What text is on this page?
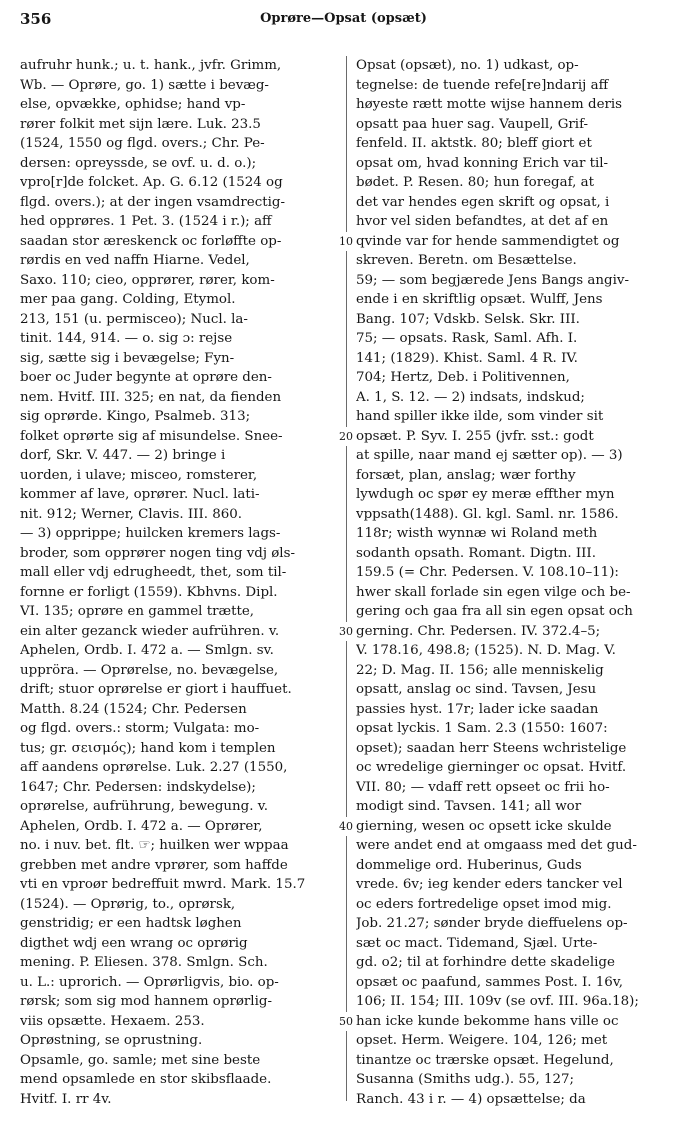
356	Oprøre—Opsat (opsæt)
aufruhr hunk.; u. t. hank., jvfr. Grimm,
Wb. — Oprøre, go. 1) sætte i bevæg-
else, opvække, ophidse; hand vp-
rører folkit met sijn lære. Luk. 23.5
(1524, 1550 og flgd. overs.; Chr. Pe-
dersen: opreyssde, se ovf. u. d. o.);
vpro[r]de folcket. Ap. G. 6.12 (1524 og
flgd. overs.); at der ingen vsamdrectig-
hed opprøres. 1 Pet. 3. (1524 i r.); aff
saadan stor æreskenck oc forløffte op-
rørdis en ved naffn Hiarne. Vedel,
Saxo. 110; cieo, opprører, rører, kom-
mer paa gang. Colding, Etymol.
213, 151 (u. permisceo); Nucl. la-
tinit. 144, 914. — o. sig ɔ: rejse
sig, sætte sig i bevægelse; Fyn-
boer oc Juder begynte at oprøre den-
nem. Hvitf. III. 325; en nat, da fienden
sig oprørde. Kingo, Psalmeb. 313;
folket oprørte sig af misundelse. Snee-
dorf, Skr. V. 447. — 2) bringe i
uorden, i ulave; misceo, romsterer,
kommer af lave, oprører. Nucl. lati-
nit. 912; Werner, Clavis. III. 860.
— 3) opprippe; huilcken kremers lags-
broder, som opprører nogen ting vdj øls-
mall eller vdj edrugheedt, thet, som til-
fornne er forligt (1559). Kbhvns. Dipl.
VI. 135; oprøre en gammel trætte,
ein alter gezanck wieder aufrühren. v.
Aphelen, Ordb. I. 472 a. — Smlgn. sv.
uppröra. — Oprørelse, no. bevægelse,
drift; stuor oprørelse er giort i hauffuet.
Matth. 8.24 (1524; Chr. Pedersen
og flgd. overs.: storm; Vulgata: mo-
tus; gr. σεισμός); hand kom i templen
aff aandens oprørelse. Luk. 2.27 (1550,
1647; Chr. Pedersen: indskydelse);
oprørelse, aufrührung, bewegung. v.
Aphelen, Ordb. I. 472 a. — Oprører,
no. i nuv. bet. flt. ☞; huilken wer wppaa
grebben met andre vprører, som haffde
vti en vproør bedreffuit mwrd. Mark. 15.7
(1524). — Oprørig, to., oprørsk,
genstridig; er een hadtsk løghen
digthet wdj een wrang oc oprørig
mening. P. Eliesen. 378. Smlgn. Sch.
u. L.: uprorich. — Oprørligvis, bio. op-
rørsk; som sig mod hannem oprørlig-
viis opsætte. Hexaem. 253.
Oprøstning, se oprustning.
Opsamle, go. samle; met sine beste
mend opsamlede en stor skibsflaade.
Hvitf. I. rr 4v.
10
20
30
40
50
Opsat (opsæt), no. 1) udkast, op-
tegnelse: de tuende refe[re]ndarij aff
høyeste rætt motte wijse hannem deris
opsatt paa huer sag. Vaupell, Grif-
fenfeld. II. aktstk. 80; bleff giort et
opsat om, hvad konning Erich var til-
bødet. P. Resen. 80; hun foregaf, at
det var hendes egen skrift og opsat, i
hvor vel siden befandtes, at det af en
qvinde var for hende sammendigtet og
skreven. Beretn. om Besættelse.
59; — som begjærede Jens Bangs angiv-
ende i en skriftlig opsæt. Wulff, Jens
Bang. 107; Vdskb. Selsk. Skr. III.
75; — opsats. Rask, Saml. Afh. I.
141; (1829). Khist. Saml. 4 R. IV.
704; Hertz, Deb. i Politivennen,
A. 1, S. 12. — 2) indsats, indskud;
hand spiller ikke ilde, som vinder sit
opsæt. P. Syv. I. 255 (jvfr. sst.: godt
at spille, naar mand ej sætter op). — 3)
forsæt, plan, anslag; wær forthy
lywdugh oc spør ey meræ effther myn
vppsath(1488). Gl. kgl. Saml. nr. 1586.
118r; wisth wynnæ wi Roland meth
sodanth opsath. Romant. Digtn. III.
159.5 (= Chr. Pedersen. V. 108.10–11):
hwer skall forlade sin egen vilge och be-
gering och gaa fra all sin egen opsat och
gerning. Chr. Pedersen. IV. 372.4–5;
V. 178.16, 498.8; (1525). N. D. Mag. V.
22; D. Mag. II. 156; alle menniskelig
opsatt, anslag oc sind. Tavsen, Jesu
passies hyst. 17r; lader icke saadan
opsat lyckis. 1 Sam. 2.3 (1550: 1607:
opset); saadan herr Steens wchristelige
oc wredelige gierninger oc opsat. Hvitf.
VII. 80; — vdaff rett opseet oc frii ho-
modigt sind. Tavsen. 141; all wor
gierning, wesen oc opsett icke skulde
were andet end at omgaass med det gud-
dommelige ord. Huberinus, Guds
vrede. 6v; ieg kender eders tancker vel
oc eders fortredelige opset imod mig.
Job. 21.27; sønder bryde dieffuelens op-
sæt oc mact. Tidemand, Sjæl. Urte-
gd. o2; til at forhindre dette skadelige
opsæt oc paafund, sammes Post. I. 16v,
106; II. 154; III. 109v (se ovf. III. 96a.18);
han icke kunde bekomme hans ville oc
opset. Herm. Weigere. 104, 126; met
tinantze oc trærske opsæt. Hegelund,
Susanna (Smiths udg.). 55, 127;
Ranch. 43 i r. — 4) opsættelse; da
